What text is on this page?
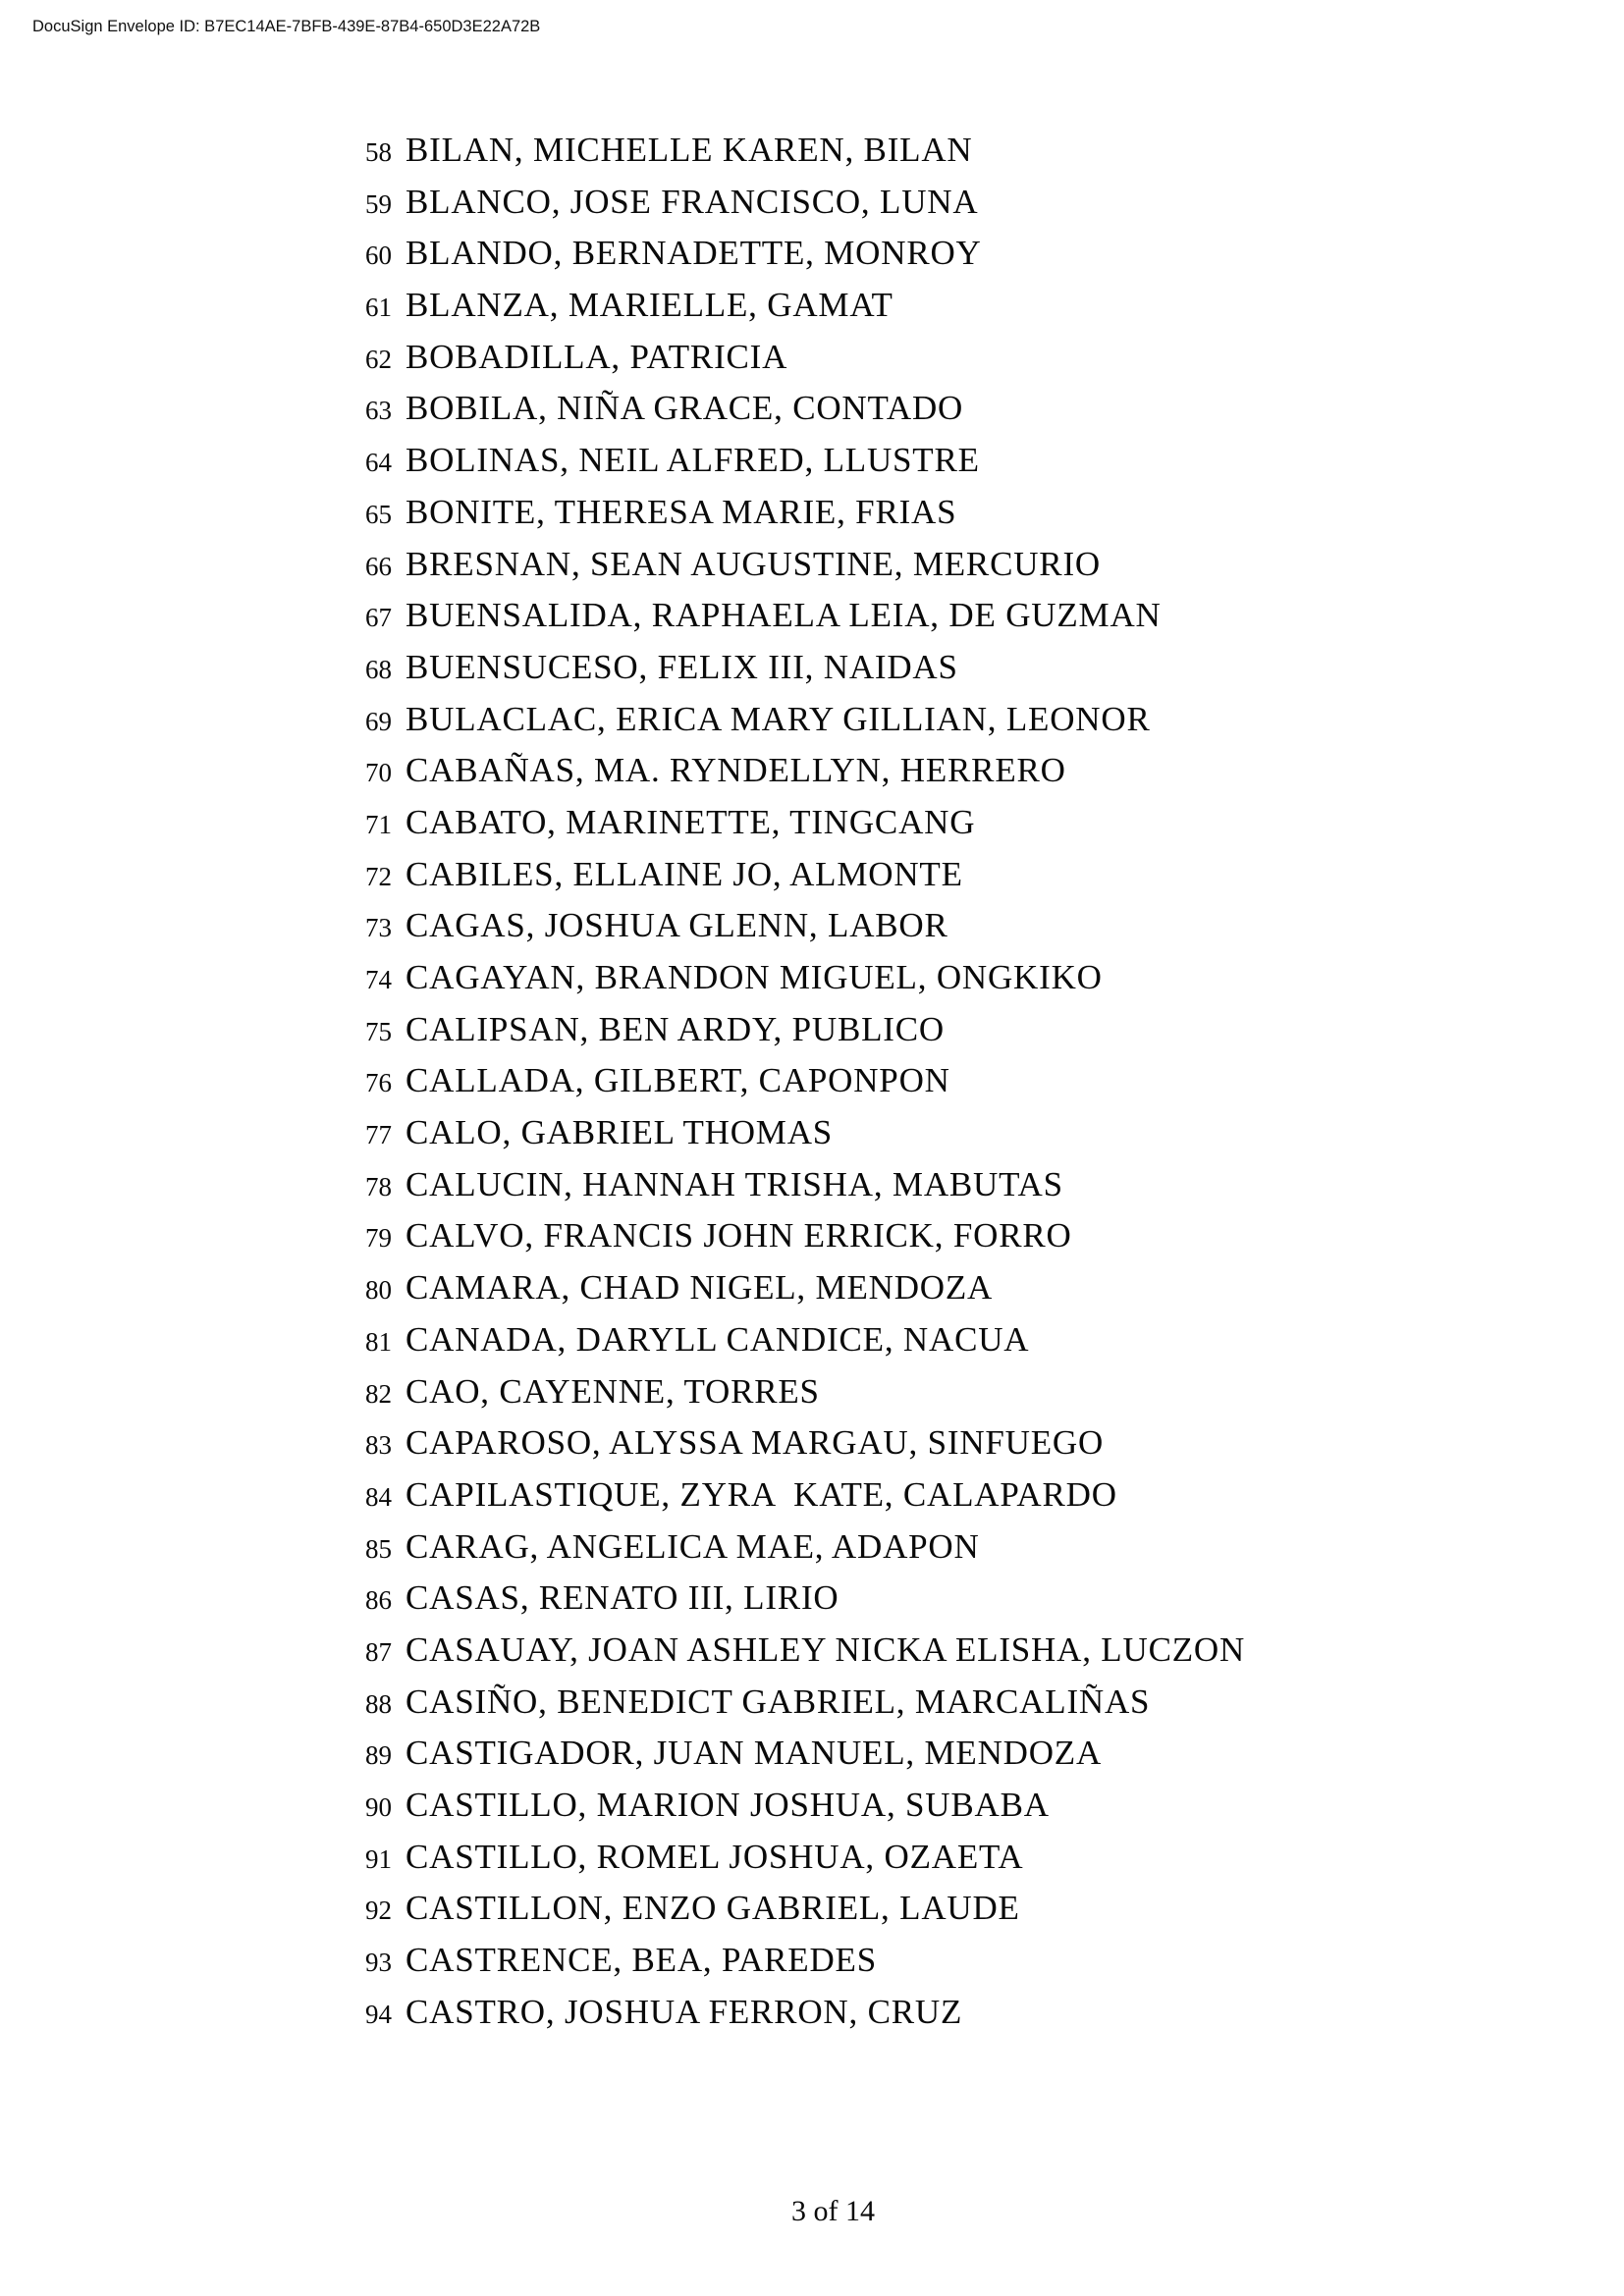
DocuSign Envelope ID: B7EC14AE-7BFB-439E-87B4-650D3E22A72B
58 BILAN, MICHELLE KAREN, BILAN
59 BLANCO, JOSE FRANCISCO, LUNA
60 BLANDO, BERNADETTE, MONROY
61 BLANZA, MARIELLE, GAMAT
62 BOBADILLA, PATRICIA
63 BOBILA, NIÑA GRACE, CONTADO
64 BOLINAS, NEIL ALFRED, LLUSTRE
65 BONITE, THERESA MARIE, FRIAS
66 BRESNAN, SEAN AUGUSTINE, MERCURIO
67 BUENSALIDA, RAPHAELA LEIA, DE GUZMAN
68 BUENSUCESO, FELIX III, NAIDAS
69 BULACLAC, ERICA MARY GILLIAN, LEONOR
70 CABAÑAS, MA. RYNDELLYN, HERRERO
71 CABATO, MARINETTE, TINGCANG
72 CABILES, ELLAINE JO, ALMONTE
73 CAGAS, JOSHUA GLENN, LABOR
74 CAGAYAN, BRANDON MIGUEL, ONGKIKO
75 CALIPSAN, BEN ARDY, PUBLICO
76 CALLADA, GILBERT, CAPONPON
77 CALO, GABRIEL THOMAS
78 CALUCIN, HANNAH TRISHA, MABUTAS
79 CALVO, FRANCIS JOHN ERRICK, FORRO
80 CAMARA, CHAD NIGEL, MENDOZA
81 CANADA, DARYLL CANDICE, NACUA
82 CAO, CAYENNE, TORRES
83 CAPAROSO, ALYSSA MARGAU, SINFUEGO
84 CAPILASTIQUE, ZYRA  KATE, CALAPARDO
85 CARAG, ANGELICA MAE, ADAPON
86 CASAS, RENATO III, LIRIO
87 CASAUAY, JOAN ASHLEY NICKA ELISHA, LUCZON
88 CASIÑO, BENEDICT GABRIEL, MARCALIÑAS
89 CASTIGADOR, JUAN MANUEL, MENDOZA
90 CASTILLO, MARION JOSHUA, SUBABA
91 CASTILLO, ROMEL JOSHUA, OZAETA
92 CASTILLON, ENZO GABRIEL, LAUDE
93 CASTRENCE, BEA, PAREDES
94 CASTRO, JOSHUA FERRON, CRUZ
3 of 14
